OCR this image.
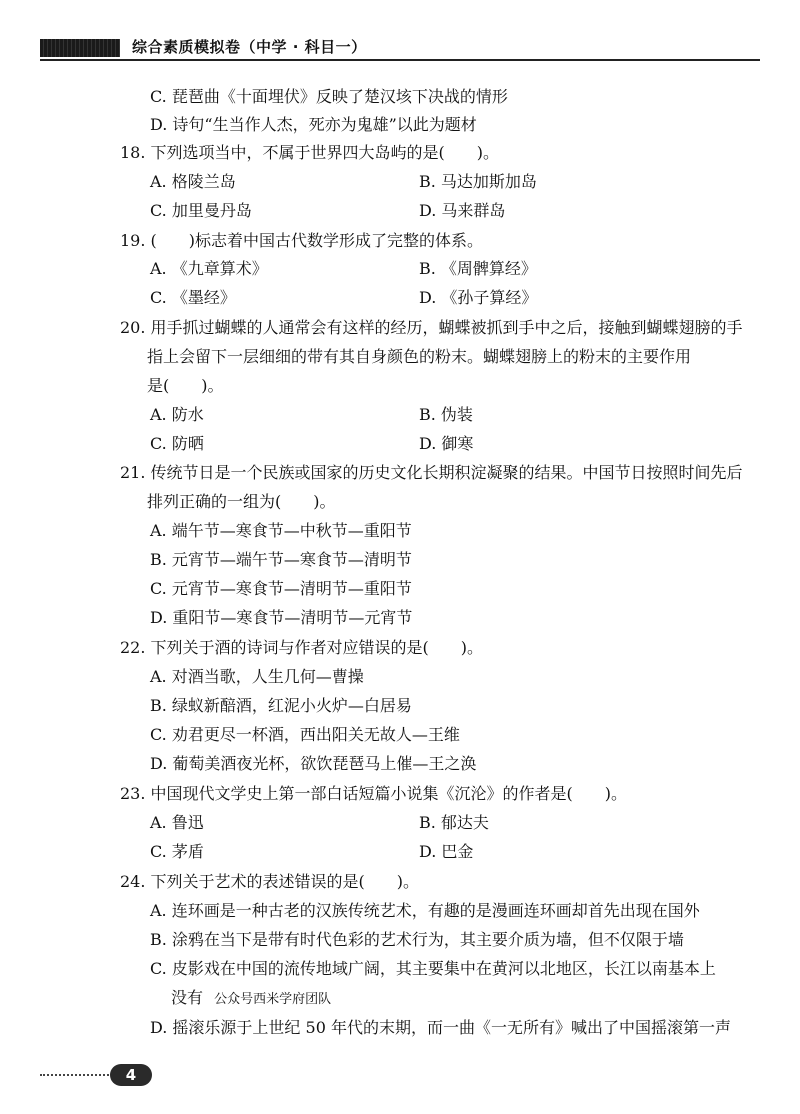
综合素质模拟卷（中学 · 科目一）
C. 琵琶曲《十面埋伏》反映了楚汉垓下决战的情形
D. 诗句“生当作人杰，死亦为鬼雄”以此为题材
18. 下列选项当中，不属于世界四大岛屿的是(　　)。
A. 格陵兰岛	B. 马达加斯加岛
C. 加里曼丹岛	D. 马来群岛
19. (　　)标志着中国古代数学形成了完整的体系。
A. 《九章算术》	B. 《周髀算经》
C. 《墨经》	D. 《孙子算经》
20. 用手抓过蝴蝶的人通常会有这样的经历，蝴蝶被抓到手中之后，接触到蝴蝶翅膀的手
指上会留下一层细细的带有其自身颜色的粉末。蝴蝶翅膀上的粉末的主要作用
是(　　)。
A. 防水	B. 伪装
C. 防晒	D. 御寒
21. 传统节日是一个民族或国家的历史文化长期积淀凝聚的结果。中国节日按照时间先后
排列正确的一组为(　　)。
A. 端午节—寒食节—中秋节—重阳节
B. 元宵节—端午节—寒食节—清明节
C. 元宵节—寒食节—清明节—重阳节
D. 重阳节—寒食节—清明节—元宵节
22. 下列关于酒的诗词与作者对应错误的是(　　)。
A. 对酒当歌，人生几何—曹操
B. 绿蚁新醅酒，红泥小火炉—白居易
C. 劝君更尽一杯酒，西出阳关无故人—王维
D. 葡萄美酒夜光杯，欲饮琵琶马上催—王之涣
23. 中国现代文学史上第一部白话短篇小说集《沉沦》的作者是(　　)。
A. 鲁迅	B. 郁达夫
C. 茅盾	D. 巴金
24. 下列关于艺术的表述错误的是(　　)。
A. 连环画是一种古老的汉族传统艺术，有趣的是漫画连环画却首先出现在国外
B. 涂鸦在当下是带有时代色彩的艺术行为，其主要介质为墙，但不仅限于墙
C. 皮影戏在中国的流传地域广阔，其主要集中在黄河以北地区，长江以南基本上
没有 公众号西米学府团队
D. 摇滚乐源于上世纪 50 年代的末期，而一曲《一无所有》喊出了中国摇滚第一声
4
